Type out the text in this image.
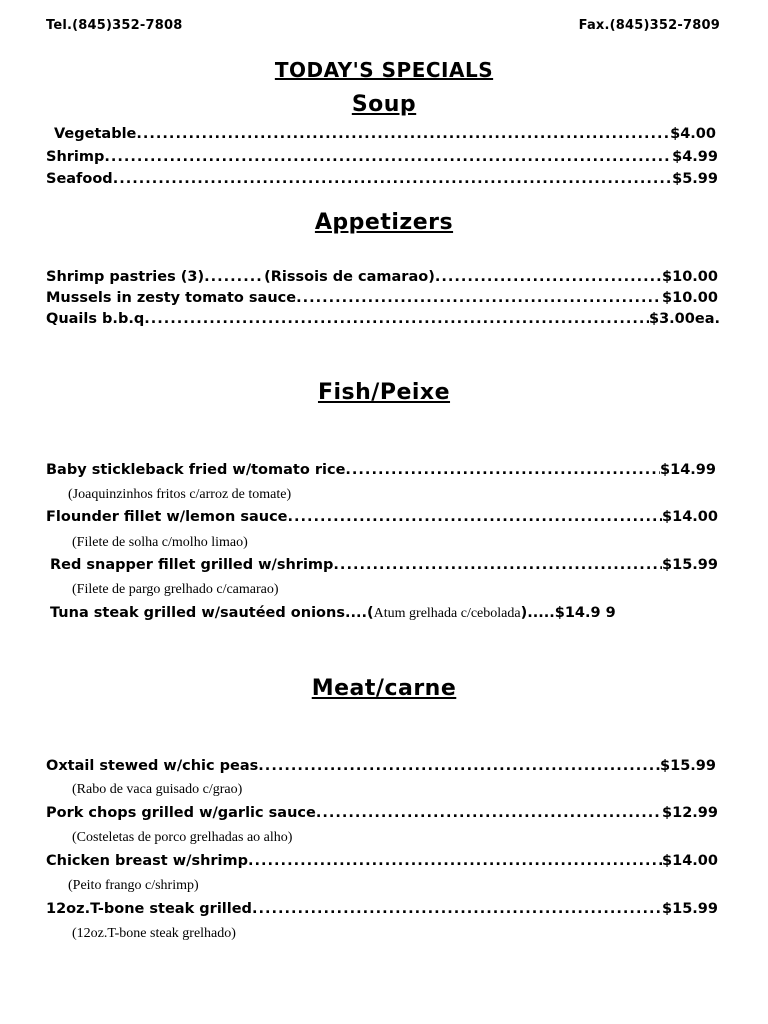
Tel.(845)352-7808	Fax.(845)352-7809
TODAY'S SPECIALS
Soup
Vegetable .....	$4.00
Shrimp .....	$4.99
Seafood .....	$5.99
Appetizers
Shrimp pastries (3) .....	(Rissois de camarao) .....	$10.00
Mussels in zesty tomato sauce .....	$10.00
Quails b.b.q .....	$3.00ea.
Fish/Peixe
Baby stickleback fried w/tomato rice .....	$14.99
(Joaquinzinhos fritos c/arroz de tomate)
Flounder fillet w/lemon sauce .....	$14.00
(Filete de solha c/molho limao)
Red snapper fillet grilled w/shrimp .....	$15.99
(Filete de pargo grelhado c/camarao)
Tuna steak grilled w/sautéed onions....( Atum grelhada c/cebolada )..... $14.9 9
Meat/carne
Oxtail stewed w/chic peas .....	$15.99
(Rabo de vaca guisado c/grao)
Pork chops grilled w/garlic sauce .....	$12.99
(Costeletas de porco grelhadas ao alho)
Chicken breast w/shrimp .....	$14.00
(Peito frango c/shrimp)
12oz.T-bone steak grilled .....	$15.99
(12oz.T-bone steak grelhado)
